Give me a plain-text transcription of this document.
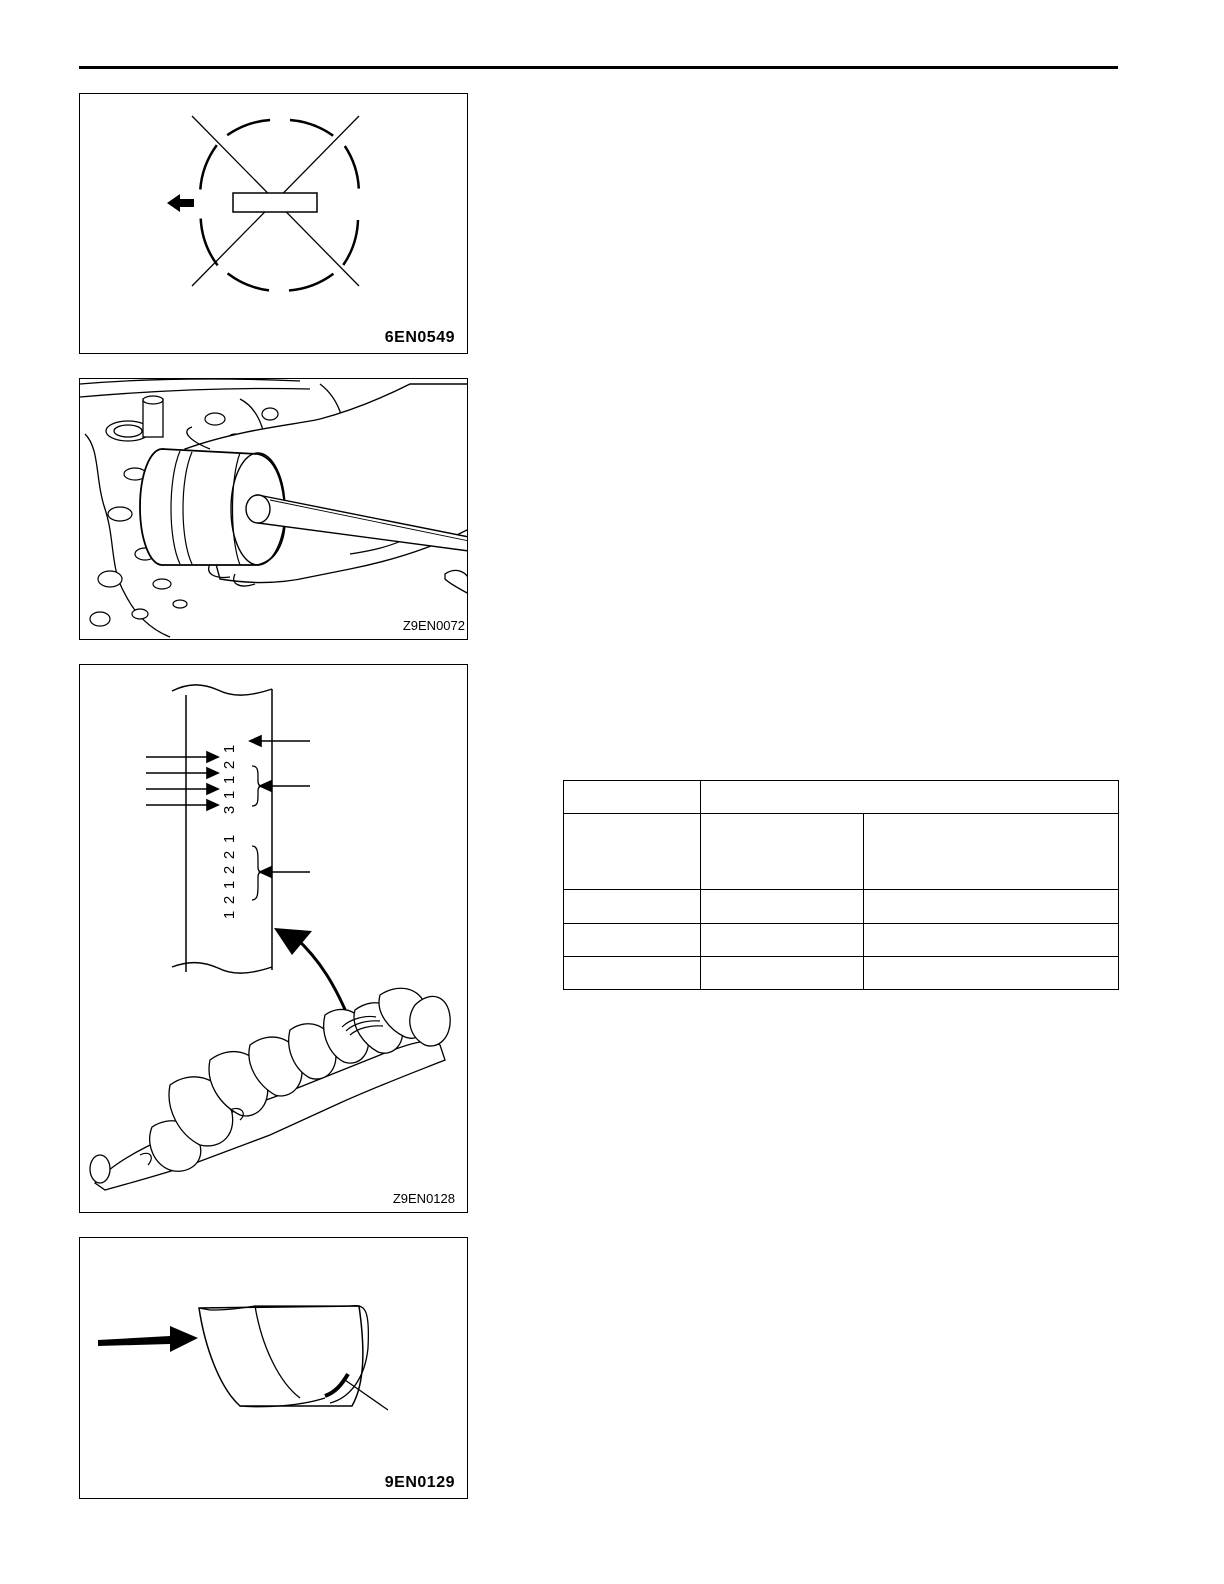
6EN0549
Z9EN0072
1
2
1
1
3
1
2
2
1
2
1
Z9EN0128
9EN0129
